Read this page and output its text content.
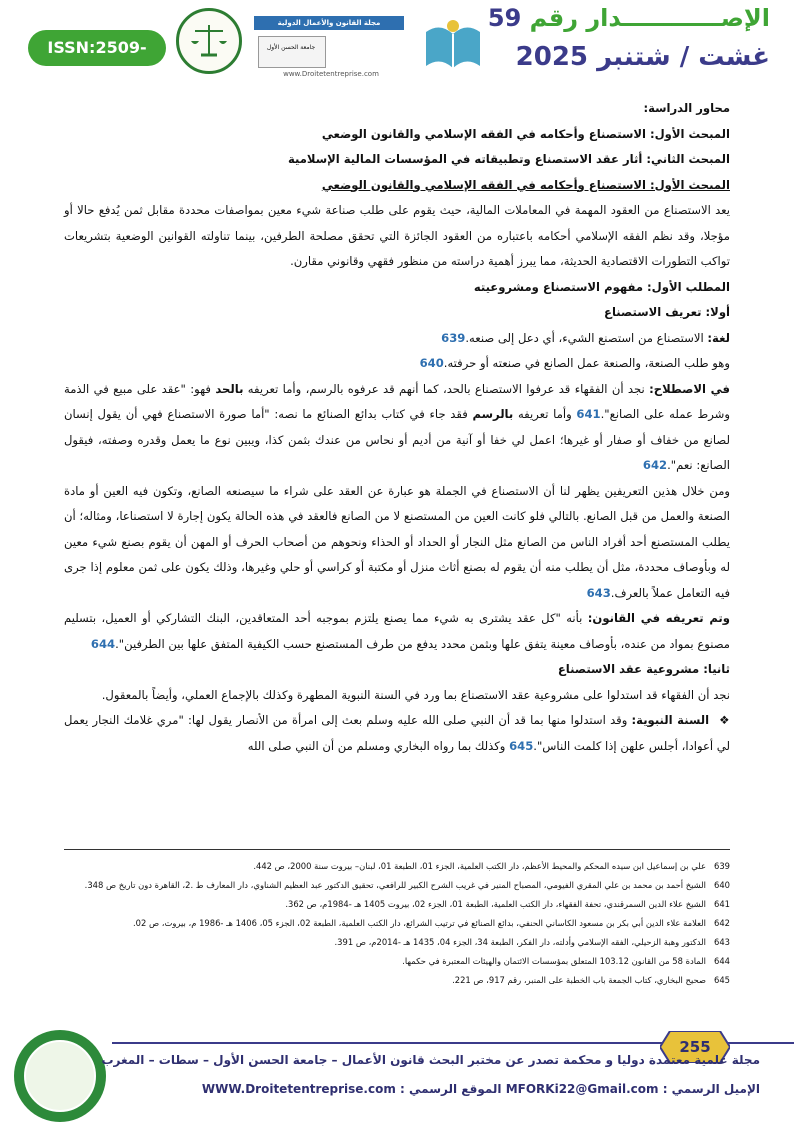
ISSN:2509-0291
مجلة القانون والأعمال الدولية
جامعة الحسن الأول
www.Droitetentreprise.com
الإصــــــــــــدار رقم 59
غشت / شتنبر 2025

محاور الدراسة:

المبحث الأول: الاستصناع وأحكامه في الفقه الإسلامي والقانون الوضعي

المبحث الثاني: أثار عقد الاستصناع وتطبيقاته في المؤسسات المالية الإسلامية

المبحث الأول: الاستصناع وأحكامه في الفقه الإسلامي والقانون الوضعي

يعد الاستصناع من العقود المهمة في المعاملات المالية، حيث يقوم على طلب صناعة شيء معين بمواصفات محددة مقابل ثمن يُدفع حالا أو مؤجلا، وقد نظم الفقه الإسلامي أحكامه باعتباره من العقود الجائزة التي تحقق مصلحة الطرفين، بينما تناولته القوانين الوضعية بتشريعات تواكب التطورات الاقتصادية الحديثة، مما يبرز أهمية دراسته من منظور فقهي وقانوني مقارن.

المطلب الأول: مفهوم الاستصناع ومشروعيته

أولا: تعريف الاستصناع

لغة: الاستصناع من استصنع الشيء، أي دعل إلى صنعه.639

وهو طلب الصنعة، والصنعة عمل الصانع في صنعته أو حرفته.640

في الاصطلاح: نجد أن الفقهاء قد عرفوا الاستصناع بالحد، كما أنهم قد عرفوه بالرسم، وأما تعريفه بالحد فهو: "عقد على مبيع في الذمة وشرط عمله على الصانع".641 وأما تعريفه بالرسم فقد جاء في كتاب بدائع الصنائع ما نصه: "أما صورة الاستصناع فهي أن يقول إنسان لصانع من خفاف أو صفار أو غيرها؛ اعمل لي خفا أو آنية من أديم أو نحاس من عندك بثمن كذا، ويبين نوع ما يعمل وقدره وصفته، فيقول الصانع: نعم".642

ومن خلال هذين التعريفين يظهر لنا أن الاستصناع في الجملة هو عبارة عن العقد على شراء ما سيصنعه الصانع، وتكون فيه العين أو مادة الصنعة والعمل من قبل الصانع. بالتالي فلو كانت العين من المستصنع لا من الصانع فالعقد في هذه الحالة يكون إجارة لا استصناعا، ومثاله؛ أن يطلب المستصنع أحد أفراد الناس من الصانع مثل النجار أو الحداد أو الحذاء ونحوهم من أصحاب الحرف أو المهن أن يقوم بصنع شيء معين له وبأوصاف محددة، مثل أن يطلب منه أن يقوم له بصنع أثاث منزل أو مكتبة أو كراسي أو حلي وغيرها، وذلك يكون على ثمن معلوم إذا جرى فيه التعامل عملاً بالعرف.643

وتم تعريفه في القانون: بأنه "كل عقد يشترى به شيء مما يصنع يلتزم بموجبه أحد المتعاقدين، البنك التشاركي أو العميل، بتسليم مصنوع بمواد من عنده، بأوصاف معينة يتفق علها وبثمن محدد يدفع من طرف المستصنع حسب الكيفية المتفق علها بين الطرفين".644

ثانيا: مشروعية عقد الاستصناع

نجد أن الفقهاء قد استدلوا على مشروعية عقد الاستصناع بما ورد في السنة النبوية المطهرة وكذلك بالإجماع العملي، وأيضاً بالمعقول.

❖السنة النبوية: وقد استدلوا منها بما قد أن النبي صلى الله عليه وسلم بعث إلى امرأة من الأنصار يقول لها: "مري غلامك النجار يعمل لي أعوادا، أجلس علهن إذا كلمت الناس".645 وكذلك بما رواه البخاري ومسلم من أن النبي صلى الله

639علي بن إسماعيل ابن سيده المحكم والمحيط الأعظم، دار الكتب العلمية، الجزء 01، الطبعة 01، لبنان– بيروت سنة 2000، ص 442.

640الشيخ أحمد بن محمد بن علي المقري الفيومي، المصباح المنير في غريب الشرح الكبير للرافعي، تحقيق الدكتور عبد العظيم الشناوي، دار المعارف ط .2، القاهرة دون تاريخ ص 348.

641الشيخ علاء الدين السمرقندي، تحفة الفقهاء، دار الكتب العلمية، الطبعة 01، الجزء 02، بيروت 1405 هـ -1984م، ص 362.

642العلامة علاء الدين أبي بكر بن مسعود الكاساني الحنفي، بدائع الصنائع في ترتيب الشرائع، دار الكتب العلمية، الطبعة 02، الجزء 05، 1406 هـ -1986 م، بيروت، ص 02.

643الدكتور وهبة الزحيلي، الفقه الإسلامي وأدلته، دار الفكر، الطبعة 34، الجزء 04، 1435 هـ -2014م، ص 391.

644المادة 58 من القانون 103.12 المتعلق بمؤسسات الائتمان والهيئات المعتبرة في حكمها.

645صحيح البخاري، كتاب الجمعة باب الخطبة على المنبر، رقم 917، ص 221.

255
مجلة علمية معتمدة دوليا و محكمة تصدر عن مختبر البحث قانون الأعمال – جامعة الحسن الأول – سطات – المغرب
الإميل الرسمي : MFORKi22@Gmail.com الموقع الرسمي : WWW.Droitetentreprise.com
